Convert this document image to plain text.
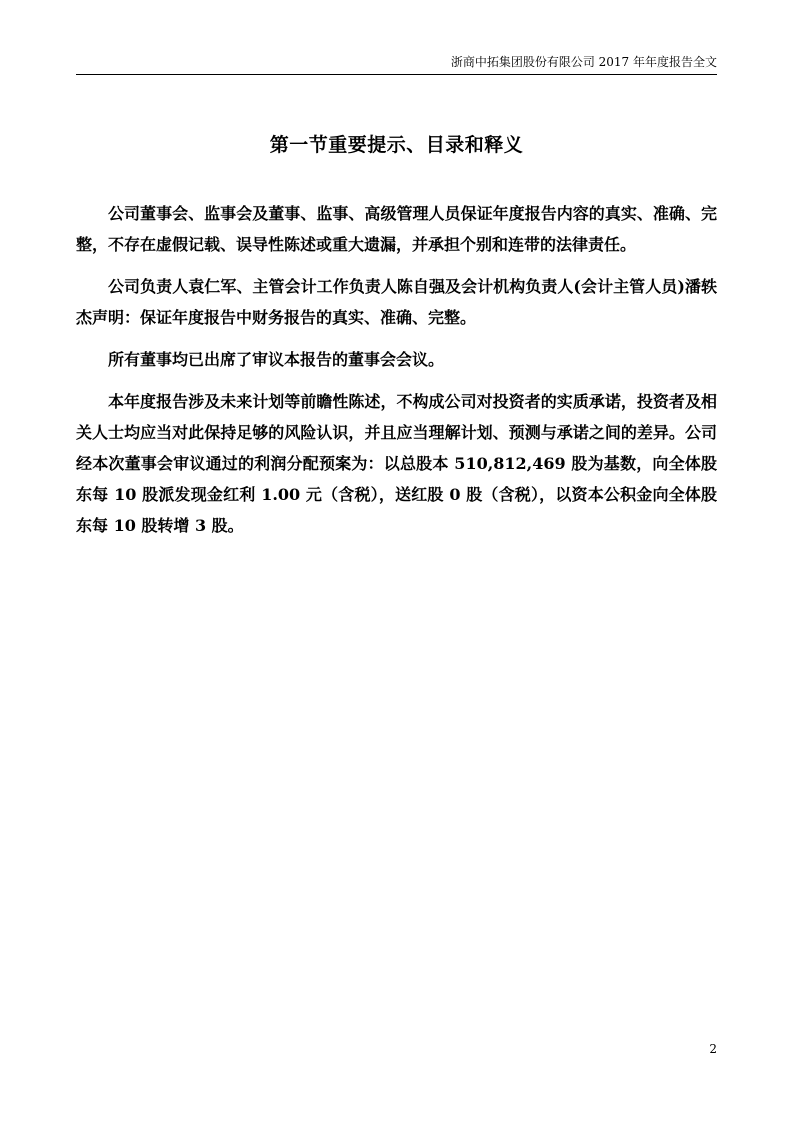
浙商中拓集团股份有限公司 2017 年年度报告全文
第一节重要提示、目录和释义

公司董事会、监事会及董事、监事、高级管理人员保证年度报告内容的真实、准确、完整，不存在虚假记载、误导性陈述或重大遗漏，并承担个别和连带的法律责任。

公司负责人袁仁军、主管会计工作负责人陈自强及会计机构负责人(会计主管人员)潘轶杰声明：保证年度报告中财务报告的真实、准确、完整。

所有董事均已出席了审议本报告的董事会会议。

本年度报告涉及未来计划等前瞻性陈述，不构成公司对投资者的实质承诺，投资者及相关人士均应当对此保持足够的风险认识，并且应当理解计划、预测与承诺之间的差异。公司经本次董事会审议通过的利润分配预案为：以总股本 510,812,469 股为基数，向全体股东每 10 股派发现金红利 1.00 元（含税），送红股 0 股（含税），以资本公积金向全体股东每 10 股转增 3 股。

2
